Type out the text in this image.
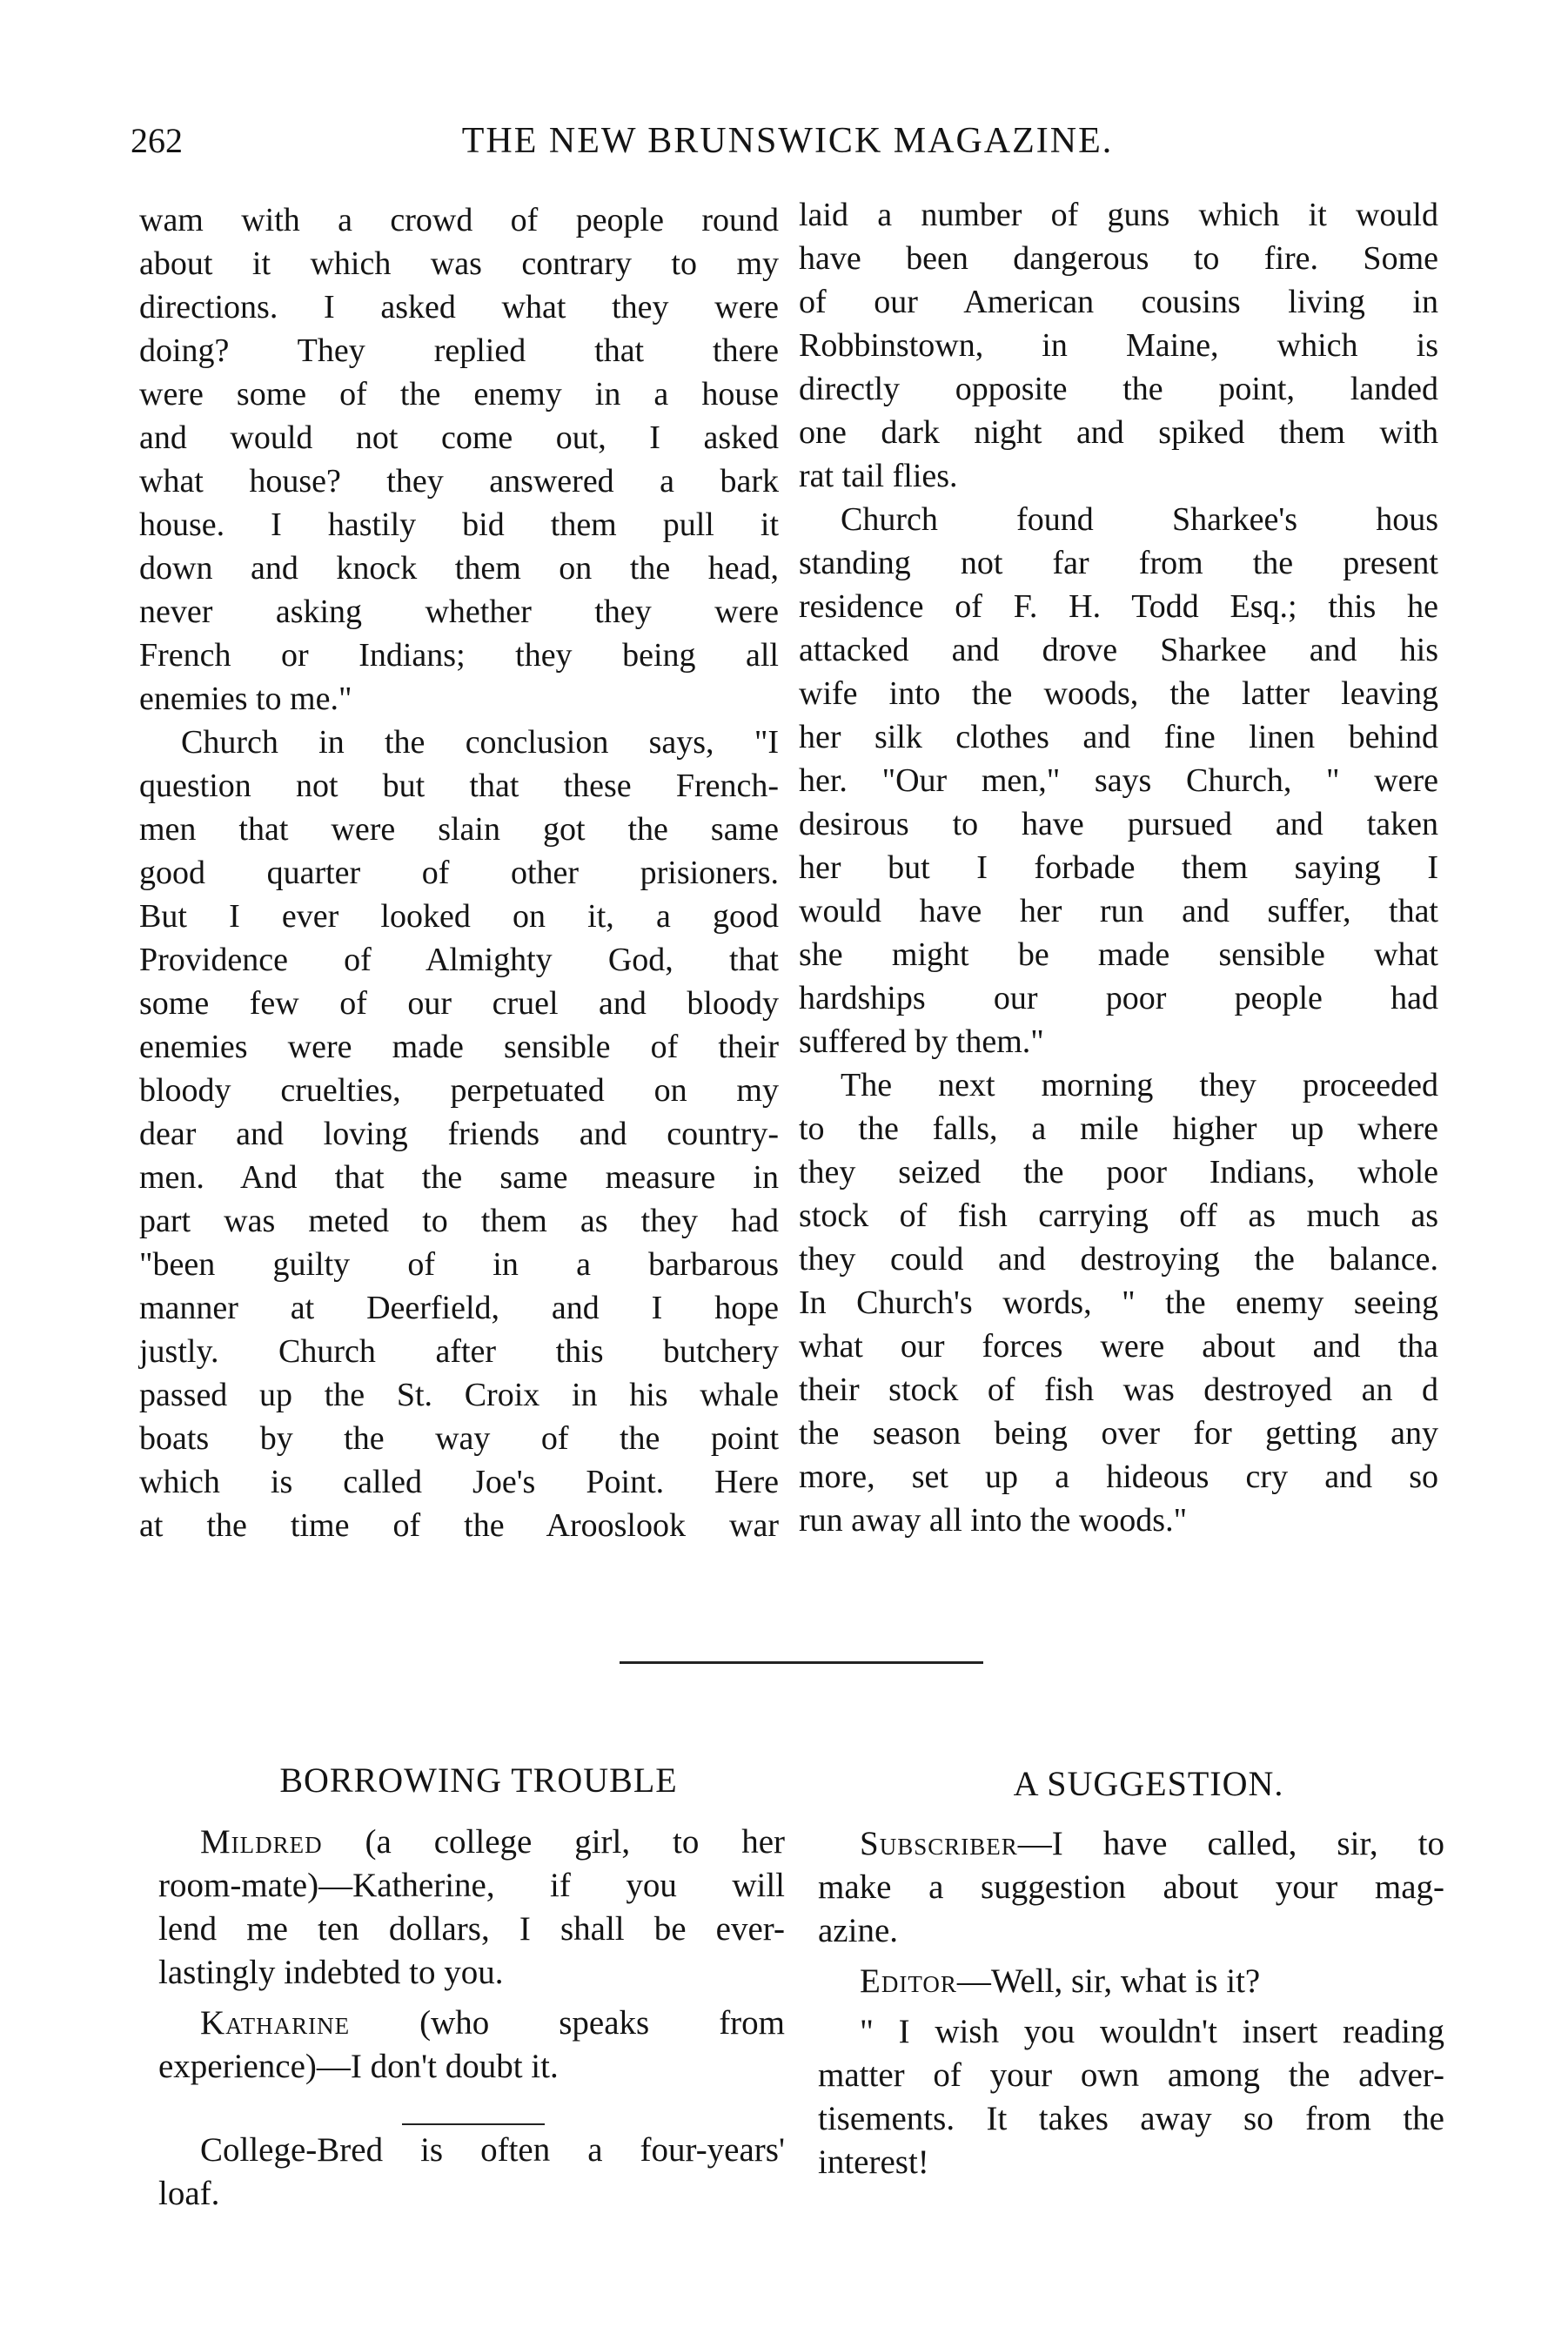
262	THE NEW BRUNSWICK MAGAZINE.
wam with a crowd of people round
about it which was contrary to my
directions. I asked what they were
doing? They replied that there
were some of the enemy in a house
and would not come out, I asked
what house? they answered a bark
house. I hastily bid them pull it
down and knock them on the head,
never asking whether they were
French or Indians; they being all
enemies to me."
Church in the conclusion says, "I
question not but that these French-
men that were slain got the same
good quarter of other prisioners.
But I ever looked on it, a good
Providence of Almighty God, that
some few of our cruel and bloody
enemies were made sensible of their
bloody cruelties, perpetuated on my
dear and loving friends and country-
men. And that the same measure in
part was meted to them as they had
"been guilty of in a barbarous
manner at Deerfield, and I hope
justly. Church after this butchery
passed up the St. Croix in his whale
boats by the way of the point
which is called Joe's Point. Here
at the time of the Arooslook war
laid a number of guns which it would
have been dangerous to fire. Some
of our American cousins living in
Robbinstown, in Maine, which is
directly opposite the point, landed
one dark night and spiked them with
rat tail flies.
Church found Sharkee's hous
standing not far from the present
residence of F. H. Todd Esq.; this he
attacked and drove Sharkee and his
wife into the woods, the latter leaving
her silk clothes and fine linen behind
her. "Our men," says Church, " were
desirous to have pursued and taken
her but I forbade them saying I
would have her run and suffer, that
she might be made sensible what
hardships our poor people had
suffered by them."
The next morning they proceeded
to the falls, a mile higher up where
they seized the poor Indians, whole
stock of fish carrying off as much as
they could and destroying the balance.
In Church's words, " the enemy seeing
what our forces were about and tha
their stock of fish was destroyed an d
the season being over for getting any
more, set up a hideous cry and so
run away all into the woods."
BORROWING TROUBLE
Mildred (a college girl, to her
room-mate)—Katherine, if you will
lend me ten dollars, I shall be ever-
lastingly indebted to you.
Katharine (who speaks from
experience)—I don't doubt it.
College-Bred is often a four-years'
loaf.
A SUGGESTION.
Subscriber—I have called, sir, to
make a suggestion about your mag-
azine.
Editor—Well, sir, what is it?
" I wish you wouldn't insert reading
matter of your own among the adver-
tisements. It takes away so from the
interest!
